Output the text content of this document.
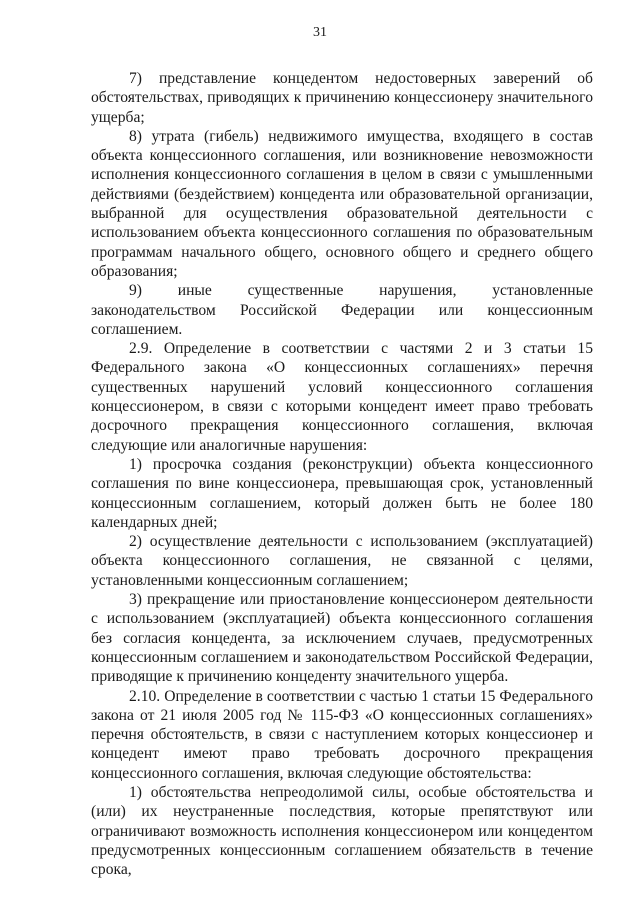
31

7) представление концедентом недостоверных заверений об обстоятельствах, приводящих к причинению концессионеру значительного ущерба;

8) утрата (гибель) недвижимого имущества, входящего в состав объекта концессионного соглашения, или возникновение невозможности исполнения концессионного соглашения в целом в связи с умышленными действиями (бездействием) концедента или образовательной организации, выбранной для осуществления образовательной деятельности с использованием объекта концессионного соглашения по образовательным программам начального общего, основного общего и среднего общего образования;

9) иные существенные нарушения, установленные законодательством Российской Федерации или концессионным соглашением.

2.9. Определение в соответствии с частями 2 и 3 статьи 15 Федерального закона «О концессионных соглашениях» перечня существенных нарушений условий концессионного соглашения концессионером, в связи с которыми концедент имеет право требовать досрочного прекращения концессионного соглашения, включая следующие или аналогичные нарушения:

1) просрочка создания (реконструкции) объекта концессионного соглашения по вине концессионера, превышающая срок, установленный концессионным соглашением, который должен быть не более 180 календарных дней;

2) осуществление деятельности с использованием (эксплуатацией) объекта концессионного соглашения, не связанной с целями, установленными концессионным соглашением;

3) прекращение или приостановление концессионером деятельности с использованием (эксплуатацией) объекта концессионного соглашения без согласия концедента, за исключением случаев, предусмотренных концессионным соглашением и законодательством Российской Федерации, приводящие к причинению концеденту значительного ущерба.

2.10. Определение в соответствии с частью 1 статьи 15 Федерального закона от 21 июля 2005 год № 115-ФЗ «О концессионных соглашениях» перечня обстоятельств, в связи с наступлением которых концессионер и концедент имеют право требовать досрочного прекращения концессионного соглашения, включая следующие обстоятельства:

1) обстоятельства непреодолимой силы, особые обстоятельства и (или) их неустраненные последствия, которые препятствуют или ограничивают возможность исполнения концессионером или концедентом предусмотренных концессионным соглашением обязательств в течение срока,
